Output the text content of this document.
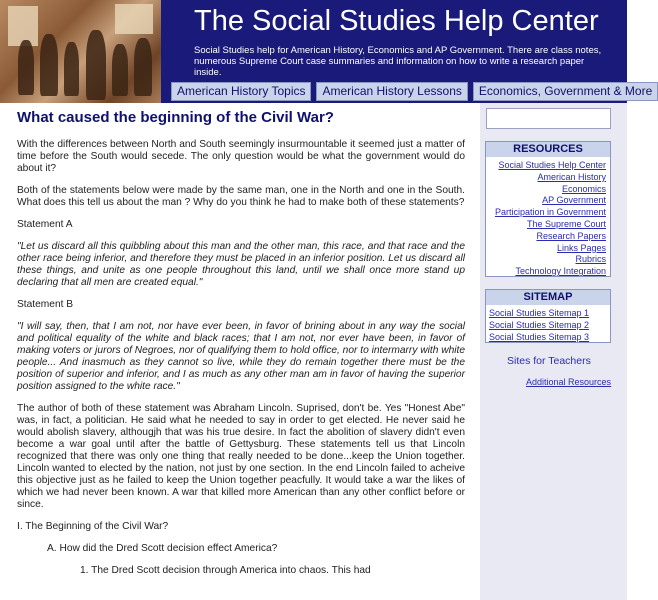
The Social Studies Help Center
Social Studies help for American History, Economics and AP Government. There are class notes, numerous Supreme Court case summaries and information on how to write a research paper inside.
American History Topics	American History Lessons	Economics, Government & More
What caused the beginning of the Civil War?

With the differences between North and South seemingly insurmountable it seemed just a matter of time before the South would secede. The only question would be what the government would do about it?

Both of the statements below were made by the same man, one in the North and one in the South. What does this tell us about the man ? Why do you think he had to make both of these statements?

Statement A

"Let us discard all this quibbling about this man and the other man, this race, and that race and the other race being inferior, and therefore they must be placed in an inferior position. Let us discard all these things, and unite as one people throughout this land, until we shall once more stand up declaring that all men are created equal."

Statement B

"I will say, then, that I am not, nor have ever been, in favor of brining about in any way the social and political equality of the white and black races; that I am not, nor ever have been, in favor of making voters or jurors of Negroes, nor of qualifying them to hold office, nor to intermarry with white people... And inasmuch as they cannot so live, while they do remain together there must be the position of superior and inferior, and I as much as any other man am in favor of having the superior position assigned to the white race."

The author of both of these statement was Abraham Lincoln. Suprised, don't be. Yes "Honest Abe" was, in fact, a politician. He said what he needed to say in order to get elected. He never said he would abolish slavery, althougjh that was his true desire. In fact the abolition of slavery didn't even become a war goal until after the battle of Gettysburg. These statements tell us that Lincoln recognized that there was only one thing that really needed to be done...keep the Union together. Lincoln wanted to elected by the nation, not just by one section. In the end Lincoln failed to acheive this objective just as he failed to keep the Union together peacfully. It would take a war the likes of which we had never been known. A war that killed more American than any other conflict before or since.

I. The Beginning of the Civil War?
A. How did the Dred Scott decision effect America?
1. The Dred Scott decision through America into chaos. This had
RESOURCES
Social Studies Help Center
American History
Economics
AP Government
Participation in Government
The Supreme Court
Research Papers
Links Pages
Rubrics
Technology Integration
SITEMAP
Social Studies Sitemap 1
Social Studies Sitemap 2
Social Studies Sitemap 3
Sites for Teachers
Additional Resources
